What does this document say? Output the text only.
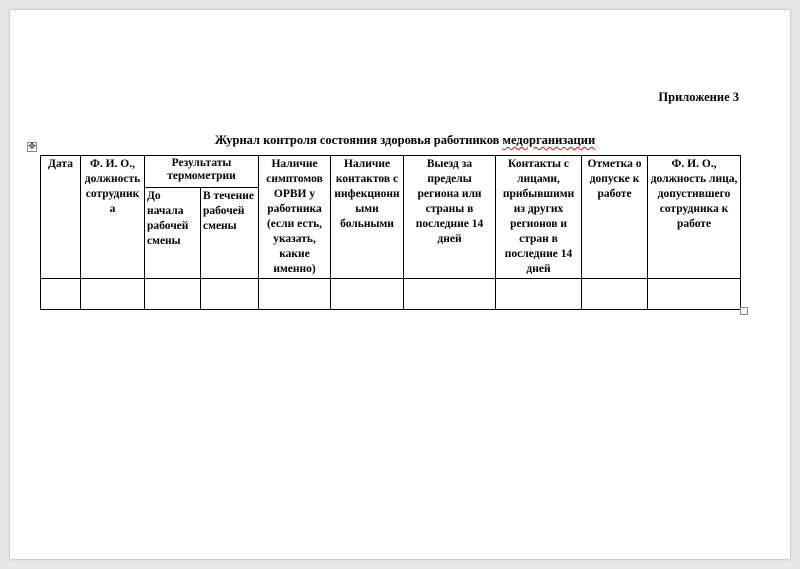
Приложение 3
Журнал контроля состояния здоровья работников медорганизации
✥
Дата	Ф. И. О., должность сотрудника	Результаты термометрии		Наличие симптомов ОРВИ у работника (если есть, указать, какие именно)	Наличие контактов с инфекционными больными	Выезд за пределы региона или страны в последние 14 дней	Контакты с лицами, прибывшими из других регионов и стран в последние 14 дней	Отметка о допуске к работе	Ф. И. О., должность лица, допустившего сотрудника к работе
		До начала рабочей смены	В течение рабочей смены						
